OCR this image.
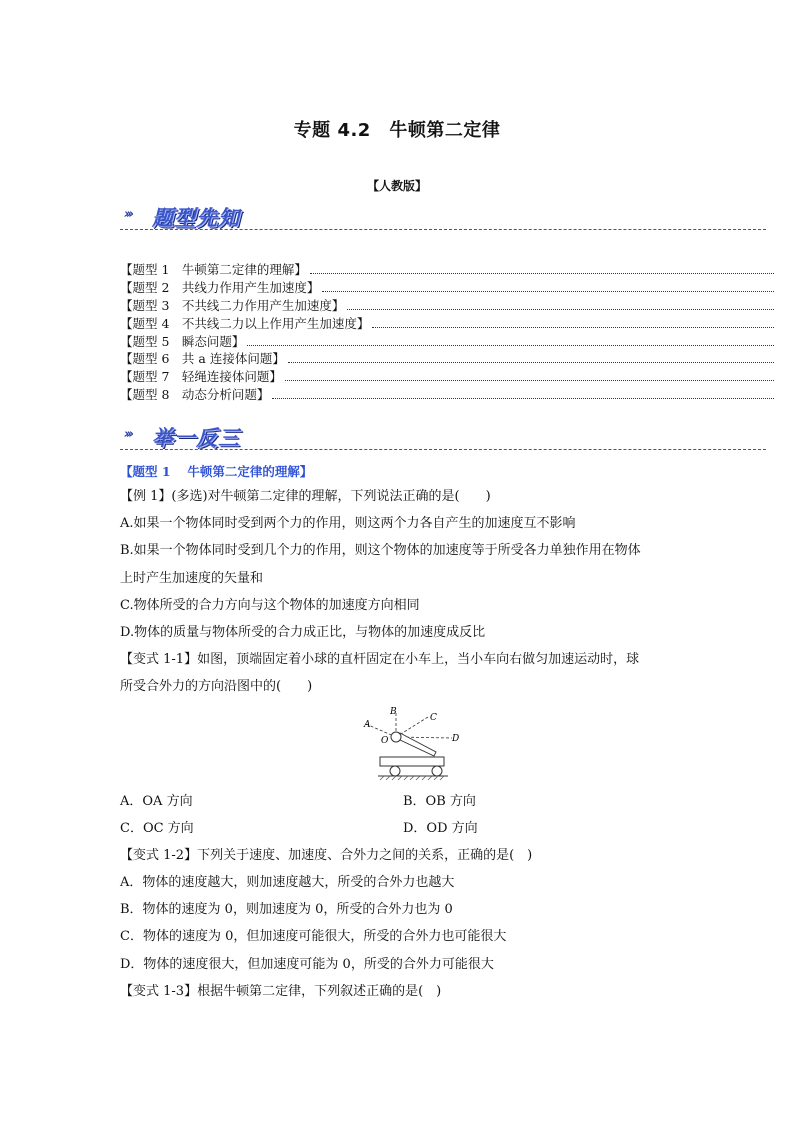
专题 4.2　牛顿第二定律
【人教版】
››› 题型先知
【题型 1　牛顿第二定律的理解】
【题型 2　共线力作用产生加速度】
【题型 3　不共线二力作用产生加速度】
【题型 4　不共线二力以上作用产生加速度】
【题型 5　瞬态问题】
【题型 6　共 a 连接体问题】
【题型 7　轻绳连接体问题】
【题型 8　动态分析问题】
››› 举一反三
【题型 1　 牛顿第二定律的理解】
【例 1】(多选)对牛顿第二定律的理解，下列说法正确的是(　　)
A.如果一个物体同时受到两个力的作用，则这两个力各自产生的加速度互不影响
B.如果一个物体同时受到几个力的作用，则这个物体的加速度等于所受各力单独作用在物体
上时产生加速度的矢量和
C.物体所受的合力方向与这个物体的加速度方向相同
D.物体的质量与物体所受的合力成正比，与物体的加速度成反比
【变式 1-1】如图，顶端固定着小球的直杆固定在小车上，当小车向右做匀加速运动时，球
所受合外力的方向沿图中的(　　)
A．OA 方向	B．OB 方向
C．OC 方向	D．OD 方向
【变式 1-2】下列关于速度、加速度、合外力之间的关系，正确的是(　)
A．物体的速度越大，则加速度越大，所受的合外力也越大
B．物体的速度为 0，则加速度为 0，所受的合外力也为 0
C．物体的速度为 0，但加速度可能很大，所受的合外力也可能很大
D．物体的速度很大，但加速度可能为 0，所受的合外力可能很大
【变式 1-3】根据牛顿第二定律，下列叙述正确的是(　)
A
B
C
O	D
